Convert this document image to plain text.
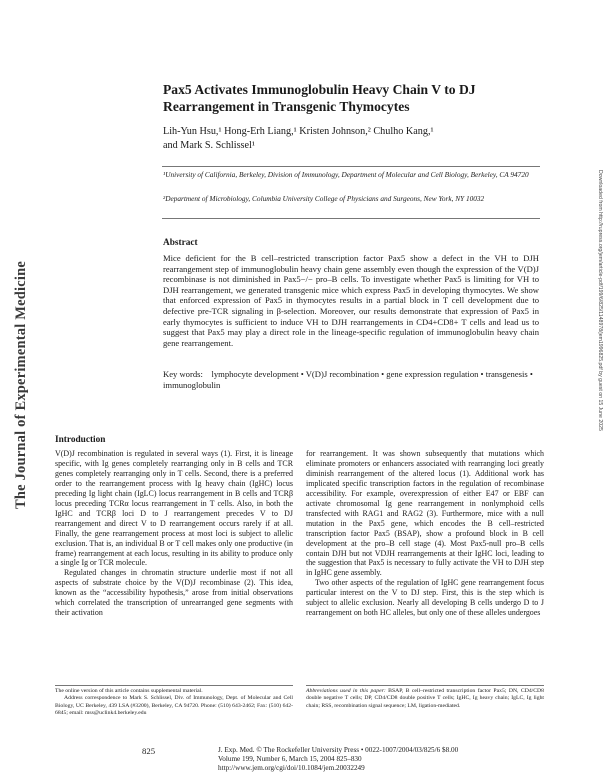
The Journal of Experimental Medicine	Downloaded from http://rupress.org/jem/article-pdf/199/6/825/1148978/jem1996825.pdf by guest on 15 June 2025
Pax5 Activates Immunoglobulin Heavy Chain V to DJ Rearrangement in Transgenic Thymocytes
Lih-Yun Hsu,¹ Hong-Erh Liang,¹ Kristen Johnson,² Chulho Kang,¹
and Mark S. Schlissel¹
¹University of California, Berkeley, Division of Immunology, Department of Molecular and Cell Biology, Berkeley, CA 94720
²Department of Microbiology, Columbia University College of Physicians and Surgeons, New York, NY 10032
Abstract
Mice deficient for the B cell–restricted transcription factor Pax5 show a defect in the VH to DJH rearrangement step of immunoglobulin heavy chain gene assembly even though the expression of the V(D)J recombinase is not diminished in Pax5−/− pro–B cells. To investigate whether Pax5 is limiting for VH to DJH rearrangement, we generated transgenic mice which express Pax5 in developing thymocytes. We show that enforced expression of Pax5 in thymocytes results in a partial block in T cell development due to defective pre-TCR signaling in β-selection. Moreover, our results demonstrate that expression of Pax5 in early thymocytes is sufficient to induce VH to DJH rearrangements in CD4+CD8+ T cells and lead us to suggest that Pax5 may play a direct role in the lineage-specific regulation of immunoglobulin heavy chain gene rearrangement.
Key words: lymphocyte development • V(D)J recombination • gene expression regulation • transgenesis • immunoglobulin
Introduction

V(D)J recombination is regulated in several ways (1). First, it is lineage specific, with Ig genes completely rearranging only in B cells and TCR genes completely rearranging only in T cells. Second, there is a preferred order to the rearrangement process with Ig heavy chain (IgHC) locus preceding Ig light chain (IgLC) locus rearrangement in B cells and TCRβ locus preceding TCRα locus rearrangement in T cells. Also, in both the IgHC and TCRβ loci D to J rearrangement precedes V to DJ rearrangement and direct V to D rearrangement occurs rarely if at all. Finally, the gene rearrangement process at most loci is subject to allelic exclusion. That is, an individual B or T cell makes only one productive (in frame) rearrangement at each locus, resulting in its ability to produce only a single Ig or TCR molecule.

Regulated changes in chromatin structure underlie most if not all aspects of substrate choice by the V(D)J recombinase (2). This idea, known as the “accessibility hypothesis,” arose from initial observations which correlated the transcription of unrearranged gene segments with their activation

for rearrangement. It was shown subsequently that mutations which eliminate promoters or enhancers associated with rearranging loci greatly diminish rearrangement of the altered locus (1). Additional work has implicated specific transcription factors in the regulation of recombinase accessibility. For example, overexpression of either E47 or EBF can activate chromosomal Ig gene rearrangement in nonlymphoid cells transfected with RAG1 and RAG2 (3). Furthermore, mice with a null mutation in the Pax5 gene, which encodes the B cell–restricted transcription factor Pax5 (BSAP), show a profound block in B cell development at the pro–B cell stage (4). Most Pax5-null pro–B cells contain DJH but not VDJH rearrangements at their IgHC loci, leading to the suggestion that Pax5 is necessary to fully activate the VH to DJH step in IgHC gene assembly.

Two other aspects of the regulation of IgHC gene rearrangement focus particular interest on the V to DJ step. First, this is the step which is subject to allelic exclusion. Nearly all developing B cells undergo D to J rearrangement on both HC alleles, but only one of these alleles undergoes

The online version of this article contains supplemental material.

Address correspondence to Mark S. Schlissel, Div. of Immunology, Dept. of Molecular and Cell Biology, UC Berkeley, 439 LSA (#3200), Berkeley, CA 94720. Phone: (510) 643-2462; Fax: (510) 642-6845; email: mss@uclink4.berkeley.edu

Abbreviations used in this paper: BSAP, B cell–restricted transcription factor Pax5; DN, CD4/CD8 double negative T cells; DP, CD4/CD8 double positive T cells; IgHC, Ig heavy chain; IgLC, Ig light chain; RSS, recombination signal sequence; LM, ligation-mediated.

825	J. Exp. Med. © The Rockefeller University Press • 0022-1007/2004/03/825/6 $8.00
Volume 199, Number 6, March 15, 2004 825–830
http://www.jem.org/cgi/doi/10.1084/jem.20032249
